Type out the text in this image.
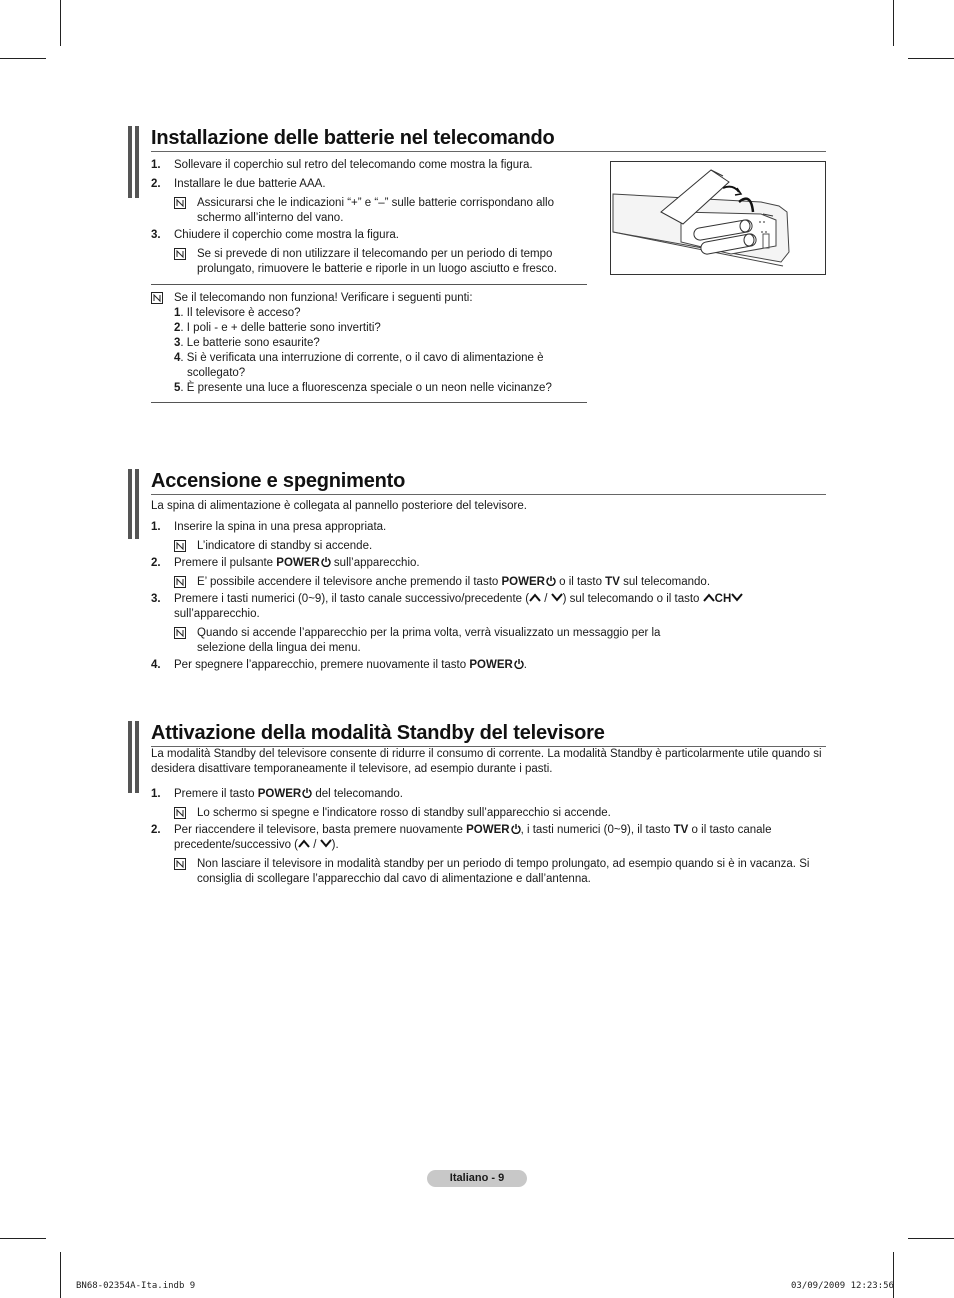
Installazione delle batterie nel telecomando
1. Sollevare il coperchio sul retro del telecomando come mostra la figura.
2. Installare le due batterie AAA.
Assicurarsi che le indicazioni “+” e “–” sulle batterie corrispondano allo schermo all’interno del vano.
3. Chiudere il coperchio come mostra la figura.
Se si prevede di non utilizzare il telecomando per un periodo di tempo prolungato, rimuovere le batterie e riporle in un luogo asciutto e fresco.
Se il telecomando non funziona! Verificare i seguenti punti:
1. Il televisore è acceso?
2. I poli - e + delle batterie sono invertiti?
3. Le batterie sono esaurite?
4. Si è verificata una interruzione di corrente, o il cavo di alimentazione è scollegato?
5. È presente una luce a fluorescenza speciale o un neon nelle vicinanze?
Accensione e spegnimento
La spina di alimentazione è collegata al pannello posteriore del televisore.
1. Inserire la spina in una presa appropriata.
L’indicatore di standby si accende.
2. Premere il pulsante POWER sull’apparecchio.
E’ possibile accendere il televisore anche premendo il tasto POWER o il tasto TV sul telecomando.
3. Premere i tasti numerici (0~9), il tasto canale successivo/precedente ( / ) sul telecomando o il tasto CH
sull’apparecchio.
Quando si accende l’apparecchio per la prima volta, verrà visualizzato un messaggio per la selezione della lingua dei menu.
4. Per spegnere l’apparecchio, premere nuovamente il tasto POWER .
Attivazione della modalità Standby del televisore
La modalità Standby del televisore consente di ridurre il consumo di corrente. La modalità Standby è particolarmente utile quando si desidera disattivare temporaneamente il televisore, ad esempio durante i pasti.
1. Premere il tasto POWER del telecomando.
Lo schermo si spegne e l'indicatore rosso di standby sull’apparecchio si accende.
2. Per riaccendere il televisore, basta premere nuovamente POWER , i tasti numerici (0~9), il tasto TV o il tasto canale precedente/successivo ( / ).
Non lasciare il televisore in modalità standby per un periodo di tempo prolungato, ad esempio quando si è in vacanza. Si consiglia di scollegare l’apparecchio dal cavo di alimentazione e dall’antenna.
Italiano - 9
BN68-02354A-Ita.indb 9	03/09/2009 12:23:56
